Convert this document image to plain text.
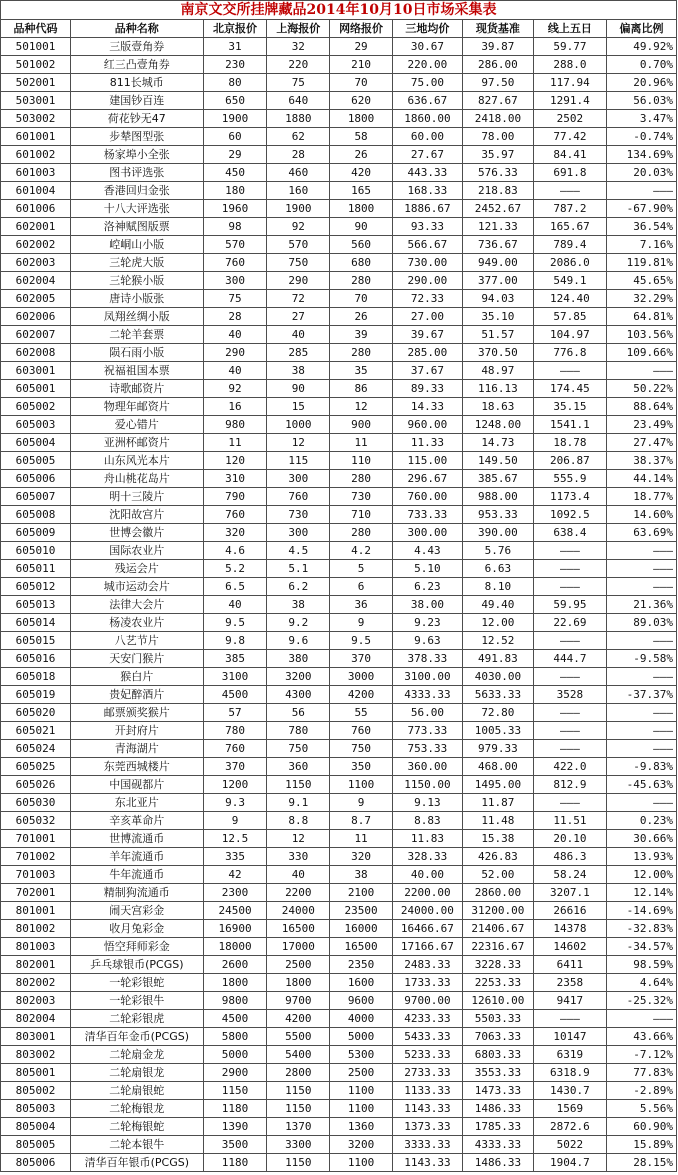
南京文交所挂牌藏品2014年10月10日市场采集表								
品种代码	品种名称	北京报价	上海报价	网络报价	三地均价	现货基准	线上五日	偏离比例
501001	三版壹角券	31	32	29	30.67	39.87	59.77	49.92%
501002	红三凸壹角券	230	220	210	220.00	286.00	288.0	0.70%
502001	811长城币	80	75	70	75.00	97.50	117.94	20.96%
503001	建国钞百连	650	640	620	636.67	827.67	1291.4	56.03%
503002	荷花钞无47	1900	1880	1800	1860.00	2418.00	2502	3.47%
601001	步辇图型张	60	62	58	60.00	78.00	77.42	-0.74%
601002	杨家埠小全张	29	28	26	27.67	35.97	84.41	134.69%
601003	图书评选张	450	460	420	443.33	576.33	691.8	20.03%
601004	香港回归金张	180	160	165	168.33	218.83	———	———
601006	十八大评选张	1960	1900	1800	1886.67	2452.67	787.2	-67.90%
602001	洛神赋图版票	98	92	90	93.33	121.33	165.67	36.54%
602002	崆峒山小版	570	570	560	566.67	736.67	789.4	7.16%
602003	三轮虎大版	760	750	680	730.00	949.00	2086.0	119.81%
602004	三轮猴小版	300	290	280	290.00	377.00	549.1	45.65%
602005	唐诗小版张	75	72	70	72.33	94.03	124.40	32.29%
602006	凤翔丝绸小版	28	27	26	27.00	35.10	57.85	64.81%
602007	二轮羊套票	40	40	39	39.67	51.57	104.97	103.56%
602008	陨石雨小版	290	285	280	285.00	370.50	776.8	109.66%
603001	祝福祖国本票	40	38	35	37.67	48.97	———	———
605001	诗歌邮资片	92	90	86	89.33	116.13	174.45	50.22%
605002	物理年邮资片	16	15	12	14.33	18.63	35.15	88.64%
605003	爱心错片	980	1000	900	960.00	1248.00	1541.1	23.49%
605004	亚洲杯邮资片	11	12	11	11.33	14.73	18.78	27.47%
605005	山东风光本片	120	115	110	115.00	149.50	206.87	38.37%
605006	舟山桃花岛片	310	300	280	296.67	385.67	555.9	44.14%
605007	明十三陵片	790	760	730	760.00	988.00	1173.4	18.77%
605008	沈阳故宫片	760	730	710	733.33	953.33	1092.5	14.60%
605009	世博会徽片	320	300	280	300.00	390.00	638.4	63.69%
605010	国际农业片	4.6	4.5	4.2	4.43	5.76	———	———
605011	残运会片	5.2	5.1	5	5.10	6.63	———	———
605012	城市运动会片	6.5	6.2	6	6.23	8.10	———	———
605013	法律大会片	40	38	36	38.00	49.40	59.95	21.36%
605014	杨凌农业片	9.5	9.2	9	9.23	12.00	22.69	89.03%
605015	八艺节片	9.8	9.6	9.5	9.63	12.52	———	———
605016	天安门猴片	385	380	370	378.33	491.83	444.7	-9.58%
605018	猴白片	3100	3200	3000	3100.00	4030.00	———	———
605019	贵妃醉酒片	4500	4300	4200	4333.33	5633.33	3528	-37.37%
605020	邮票颁奖猴片	57	56	55	56.00	72.80	———	———
605021	开封府片	780	780	760	773.33	1005.33	———	———
605024	青海湖片	760	750	750	753.33	979.33	———	———
605025	东莞西城楼片	370	360	350	360.00	468.00	422.0	-9.83%
605026	中国砚都片	1200	1150	1100	1150.00	1495.00	812.9	-45.63%
605030	东北亚片	9.3	9.1	9	9.13	11.87	———	———
605032	辛亥革命片	9	8.8	8.7	8.83	11.48	11.51	0.23%
701001	世博流通币	12.5	12	11	11.83	15.38	20.10	30.66%
701002	羊年流通币	335	330	320	328.33	426.83	486.3	13.93%
701003	牛年流通币	42	40	38	40.00	52.00	58.24	12.00%
702001	精制狗流通币	2300	2200	2100	2200.00	2860.00	3207.1	12.14%
801001	闹天宫彩金	24500	24000	23500	24000.00	31200.00	26616	-14.69%
801002	收月兔彩金	16900	16500	16000	16466.67	21406.67	14378	-32.83%
801003	悟空拜师彩金	18000	17000	16500	17166.67	22316.67	14602	-34.57%
802001	乒乓球银币(PCGS)	2600	2500	2350	2483.33	3228.33	6411	98.59%
802002	一轮彩银蛇	1800	1800	1600	1733.33	2253.33	2358	4.64%
802003	一轮彩银牛	9800	9700	9600	9700.00	12610.00	9417	-25.32%
802004	二轮彩银虎	4500	4200	4000	4233.33	5503.33	———	———
803001	清华百年金币(PCGS)	5800	5500	5000	5433.33	7063.33	10147	43.66%
803002	二轮扇金龙	5000	5400	5300	5233.33	6803.33	6319	-7.12%
805001	二轮扇银龙	2900	2800	2500	2733.33	3553.33	6318.9	77.83%
805002	二轮扇银蛇	1150	1150	1100	1133.33	1473.33	1430.7	-2.89%
805003	二轮梅银龙	1180	1150	1100	1143.33	1486.33	1569	5.56%
805004	二轮梅银蛇	1390	1370	1360	1373.33	1785.33	2872.6	60.90%
805005	二轮本银牛	3500	3300	3200	3333.33	4333.33	5022	15.89%
805006	清华百年银币(PCGS)	1180	1150	1100	1143.33	1486.33	1904.7	28.15%
